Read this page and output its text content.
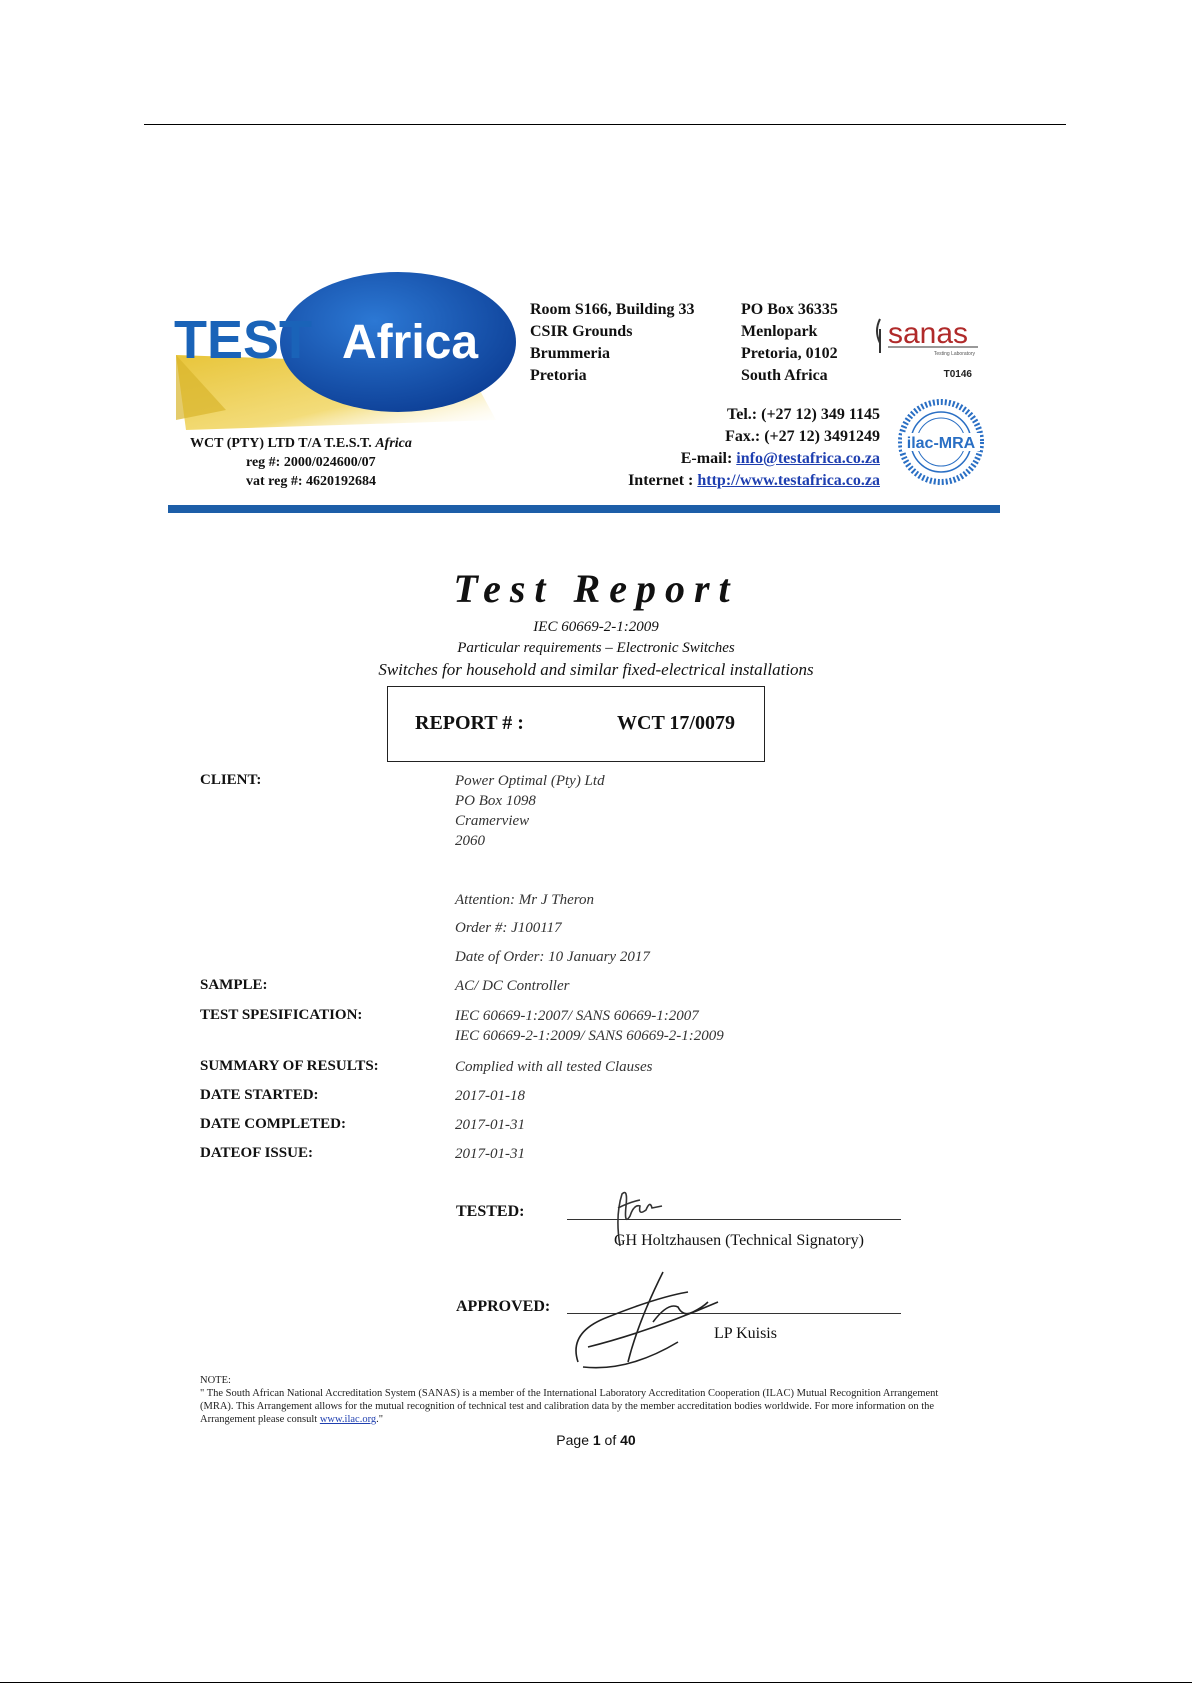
TEST Africa
WCT (PTY) LTD T/A T.E.S.T. Africa
reg #: 2000/024600/07
vat reg #: 4620192684
Room S166, Building 33
CSIR Grounds
Brummeria
Pretoria
PO Box 36335
Menlopark
Pretoria, 0102
South Africa
Tel.: (+27 12) 349 1145
Fax.: (+27 12) 3491249
E-mail: info@testafrica.co.za
Internet : http://www.testafrica.co.za
sanas
Testing Laboratory
T0146
ilac-MRA
Test Report
IEC 60669-2-1:2009
Particular requirements – Electronic Switches
Switches for household and similar fixed-electrical installations
REPORT # :	WCT 17/0079
CLIENT:	Power Optimal (Pty) Ltd
PO Box 1098
Cramerview
2060
Attention: Mr J Theron
Order #: J100117
Date of Order: 10 January 2017
SAMPLE:	AC/ DC Controller
TEST SPESIFICATION:	IEC 60669-1:2007/ SANS 60669-1:2007
IEC 60669-2-1:2009/ SANS 60669-2-1:2009
SUMMARY OF RESULTS:	Complied with all tested Clauses
DATE STARTED:	2017-01-18
DATE COMPLETED:	2017-01-31
DATEOF ISSUE:	2017-01-31
TESTED:
GH Holtzhausen (Technical Signatory)
APPROVED:
LP Kuisis
NOTE:
" The South African National Accreditation System (SANAS) is a member of the International Laboratory Accreditation Cooperation (ILAC) Mutual Recognition Arrangement (MRA). This Arrangement allows for the mutual recognition of technical test and calibration data by the member accreditation bodies worldwide. For more information on the Arrangement please consult www.ilac.org."
Page 1 of 40
